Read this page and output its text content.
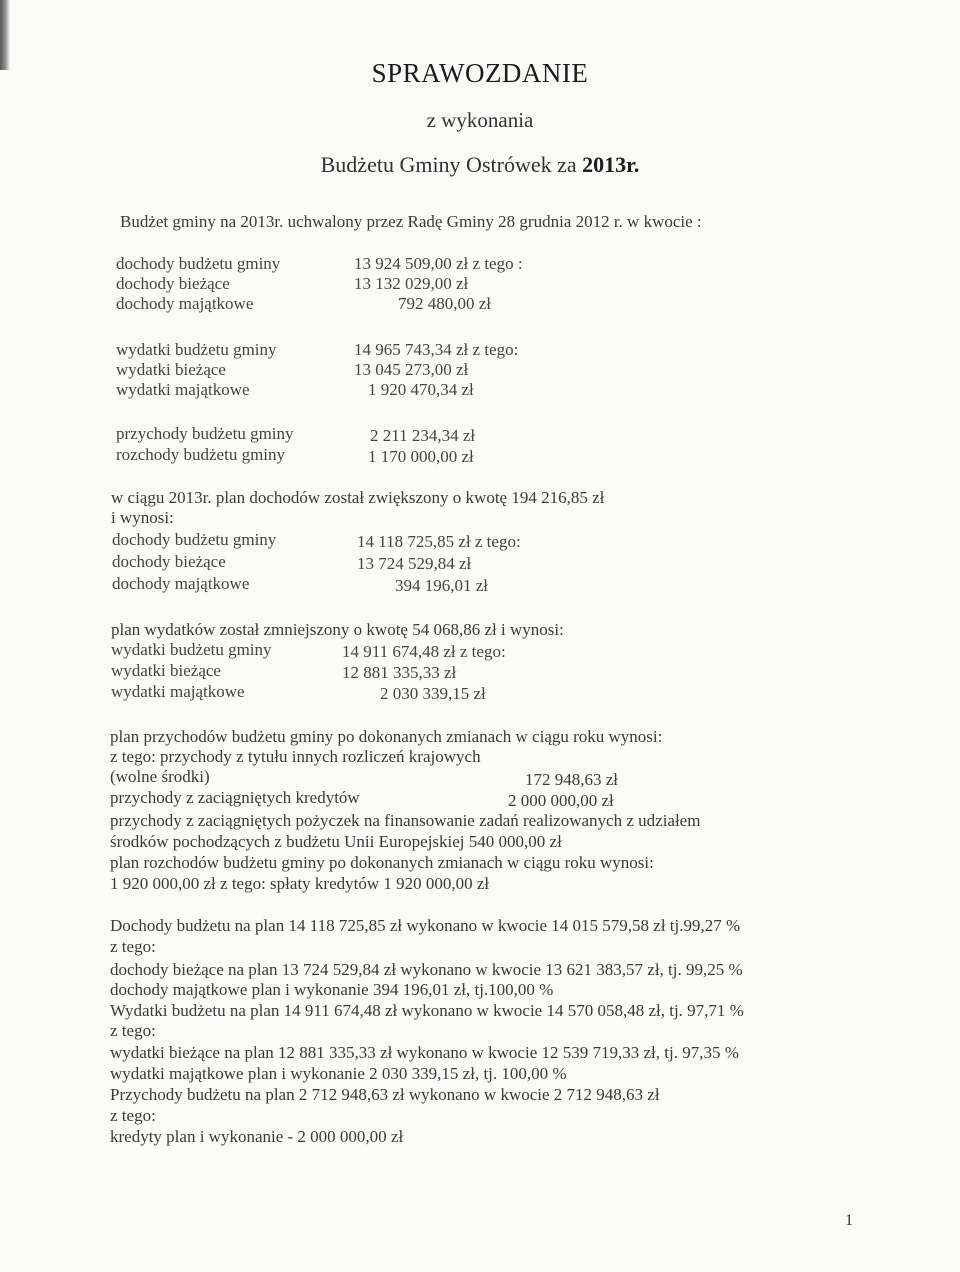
SPRAWOZDANIE
z wykonania
Budżetu Gminy Ostrówek za 2013r.
Budżet gminy na 2013r. uchwalony przez Radę Gminy 28 grudnia 2012 r. w kwocie :
dochody budżetu gminy	13 924 509,00 zł z tego :
dochody bieżące	13 132 029,00 zł
dochody majątkowe	792 480,00 zł
wydatki budżetu gminy	14 965 743,34 zł z tego:
wydatki bieżące	13 045 273,00 zł
wydatki majątkowe	1 920 470,34 zł
przychody budżetu gminy	2 211 234,34 zł
rozchody budżetu gminy	1 170 000,00 zł
w ciągu 2013r. plan dochodów został zwiększony o kwotę 194 216,85 zł
i wynosi:
dochody budżetu gminy	14 118 725,85 zł z tego:
dochody bieżące	13 724 529,84 zł
dochody majątkowe	394 196,01 zł
plan wydatków został zmniejszony o kwotę 54 068,86 zł i wynosi:
wydatki budżetu gminy	14 911 674,48 zł z tego:
wydatki bieżące	12 881 335,33 zł
wydatki majątkowe	2 030 339,15 zł
plan przychodów budżetu gminy po dokonanych zmianach w ciągu roku wynosi:
z tego: przychody z tytułu innych rozliczeń krajowych
(wolne środki)	172 948,63 zł
przychody z zaciągniętych kredytów	2 000 000,00 zł
przychody z zaciągniętych pożyczek na finansowanie zadań realizowanych z udziałem
środków pochodzących z budżetu Unii Europejskiej 540 000,00 zł
plan rozchodów budżetu gminy po dokonanych zmianach w ciągu roku wynosi:
1 920 000,00 zł z tego: spłaty kredytów 1 920 000,00 zł
Dochody budżetu na plan 14 118 725,85 zł wykonano w kwocie 14 015 579,58 zł tj.99,27 %
z tego:
dochody bieżące na plan 13 724 529,84 zł wykonano w kwocie 13 621 383,57 zł, tj. 99,25 %
dochody majątkowe plan i wykonanie 394 196,01 zł, tj.100,00 %
Wydatki budżetu na plan 14 911 674,48 zł wykonano w kwocie 14 570 058,48 zł, tj. 97,71 %
z tego:
wydatki bieżące na plan 12 881 335,33 zł wykonano w kwocie 12 539 719,33 zł, tj. 97,35 %
wydatki majątkowe plan i wykonanie 2 030 339,15 zł, tj. 100,00 %
Przychody budżetu na plan 2 712 948,63 zł wykonano w kwocie 2 712 948,63 zł
z tego:
kredyty plan i wykonanie - 2 000 000,00 zł
1
